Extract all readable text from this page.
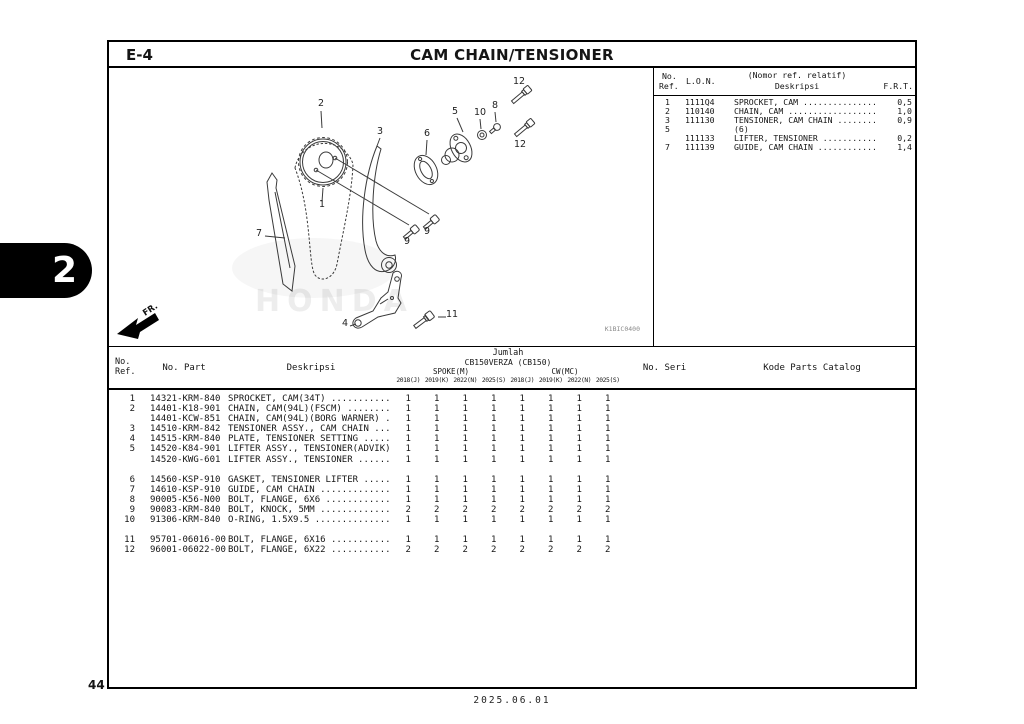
2
E-4	CAM CHAIN/TENSIONER
HONDA
2
12
8
10
5
3	6
12
1
9
9
7
4
11
FR.
K1BIC0400
No.
Ref. L.O.N.
(Nomor ref. relatif)
Deskripsi	F.R.T.
1	1111Q4	SPROCKET, CAM ...............	0,5
2	110140	CHAIN, CAM ..................	1,0
3	111130	TENSIONER, CAM CHAIN ........	0,9
5	(6)
111133	LIFTER, TENSIONER ...........	0,2
7	111139	GUIDE, CAM CHAIN ............	1,4
No.
Ref.	No. Part	Deskripsi
Jumlah
CB150VERZA (CB150)
SPOKE(M)	CW(MC)
2018(J) 2019(K) 2022(N) 2025(S) 2018(J) 2019(K) 2022(N) 2025(S)
No. Seri	Kode Parts Catalog
1	14321-KRM-840 SPROCKET, CAM(34T) ...........	1	1	1	1	1	1	1	1
2	14401-K18-901 CHAIN, CAM(94L)(FSCM) ........	1	1	1	1	1	1	1	1
14401-KCW-851 CHAIN, CAM(94L)(BORG WARNER) .	1	1	1	1	1	1	1	1
3	14510-KRM-842 TENSIONER ASSY., CAM CHAIN ...	1	1	1	1	1	1	1	1
4	14515-KRM-840 PLATE, TENSIONER SETTING .....	1	1	1	1	1	1	1	1
5	14520-K84-901 LIFTER ASSY., TENSIONER(ADVIK)	1	1	1	1	1	1	1	1
14520-KWG-601 LIFTER ASSY., TENSIONER ......	1	1	1	1	1	1	1	1
6	14560-KSP-910 GASKET, TENSIONER LIFTER .....	1	1	1	1	1	1	1	1
7	14610-KSP-910 GUIDE, CAM CHAIN .............	1	1	1	1	1	1	1	1
8	90005-K56-N00 BOLT, FLANGE, 6X6 ............	1	1	1	1	1	1	1	1
9	90083-KRM-840 BOLT, KNOCK, 5MM .............	2	2	2	2	2	2	2	2
10	91306-KRM-840 O-RING, 1.5X9.5 ..............	1	1	1	1	1	1	1	1
11	95701-06016-00 BOLT, FLANGE, 6X16 ...........	1	1	1	1	1	1	1	1
12	96001-06022-00 BOLT, FLANGE, 6X22 ...........	2	2	2	2	2	2	2	2
44
2025.06.01
